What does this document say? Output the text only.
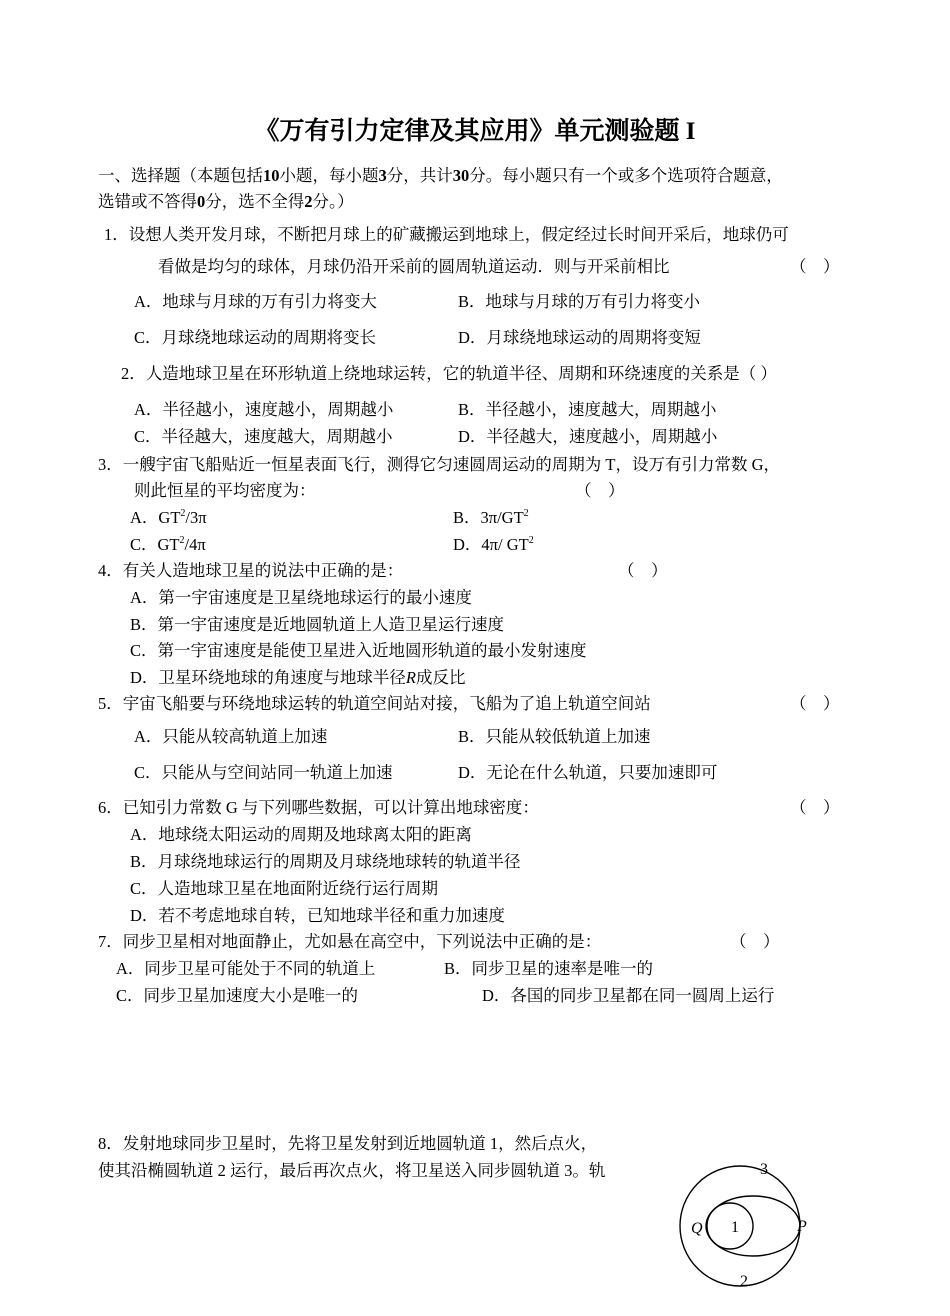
《万有引力定律及其应用》单元测验题 I
一、选择题（本题包括10小题，每小题3分，共计30分。每小题只有一个或多个选项符合题意，
选错或不答得0分，选不全得2分。）
1．设想人类开发月球，不断把月球上的矿藏搬运到地球上，假定经过长时间开采后，地球仍可
看做是均匀的球体，月球仍沿开采前的圆周轨道运动．则与开采前相比	（    ）
A．地球与月球的万有引力将变大	B．地球与月球的万有引力将变小
C．月球绕地球运动的周期将变长	D．月球绕地球运动的周期将变短
2．人造地球卫星在环形轨道上绕地球运转，它的轨道半径、周期和环绕速度的关系是（ ）
A．半径越小，速度越小，周期越小	B．半径越小，速度越大，周期越小
C．半径越大，速度越大，周期越小	D．半径越大，速度越小，周期越小
3．一艘宇宙飞船贴近一恒星表面飞行，测得它匀速圆周运动的周期为 T，设万有引力常数 G，
则此恒星的平均密度为：	（    ）
A．$GT^2/3\pi$	B．$3\pi/GT^2$
C．$GT^2/4\pi$	D．4π/ $GT^2$
4．有关人造地球卫星的说法中正确的是：	（    ）
A．第一宇宙速度是卫星绕地球运行的最小速度
B．第一宇宙速度是近地圆轨道上人造卫星运行速度
C．第一宇宙速度是能使卫星进入近地圆形轨道的最小发射速度
D．卫星环绕地球的角速度与地球半径R成反比
5．宇宙飞船要与环绕地球运转的轨道空间站对接，飞船为了追上轨道空间站	（    ）
A．只能从较高轨道上加速	B．只能从较低轨道上加速
C．只能从与空间站同一轨道上加速	D．无论在什么轨道，只要加速即可
6．已知引力常数 G 与下列哪些数据，可以计算出地球密度：	（    ）
A．地球绕太阳运动的周期及地球离太阳的距离
B．月球绕地球运行的周期及月球绕地球转的轨道半径
C．人造地球卫星在地面附近绕行运行周期
D．若不考虑地球自转，已知地球半径和重力加速度
7．同步卫星相对地面静止，尤如悬在高空中，下列说法中正确的是：	（    ）
A．同步卫星可能处于不同的轨道上	B．同步卫星的速率是唯一的
C．同步卫星加速度大小是唯一的	D．各国的同步卫星都在同一圆周上运行
8．发射地球同步卫星时，先将卫星发射到近地圆轨道 1，然后点火，
使其沿椭圆轨道 2 运行，最后再次点火，将卫星送入同步圆轨道 3。轨	3
1
2
Q	P
